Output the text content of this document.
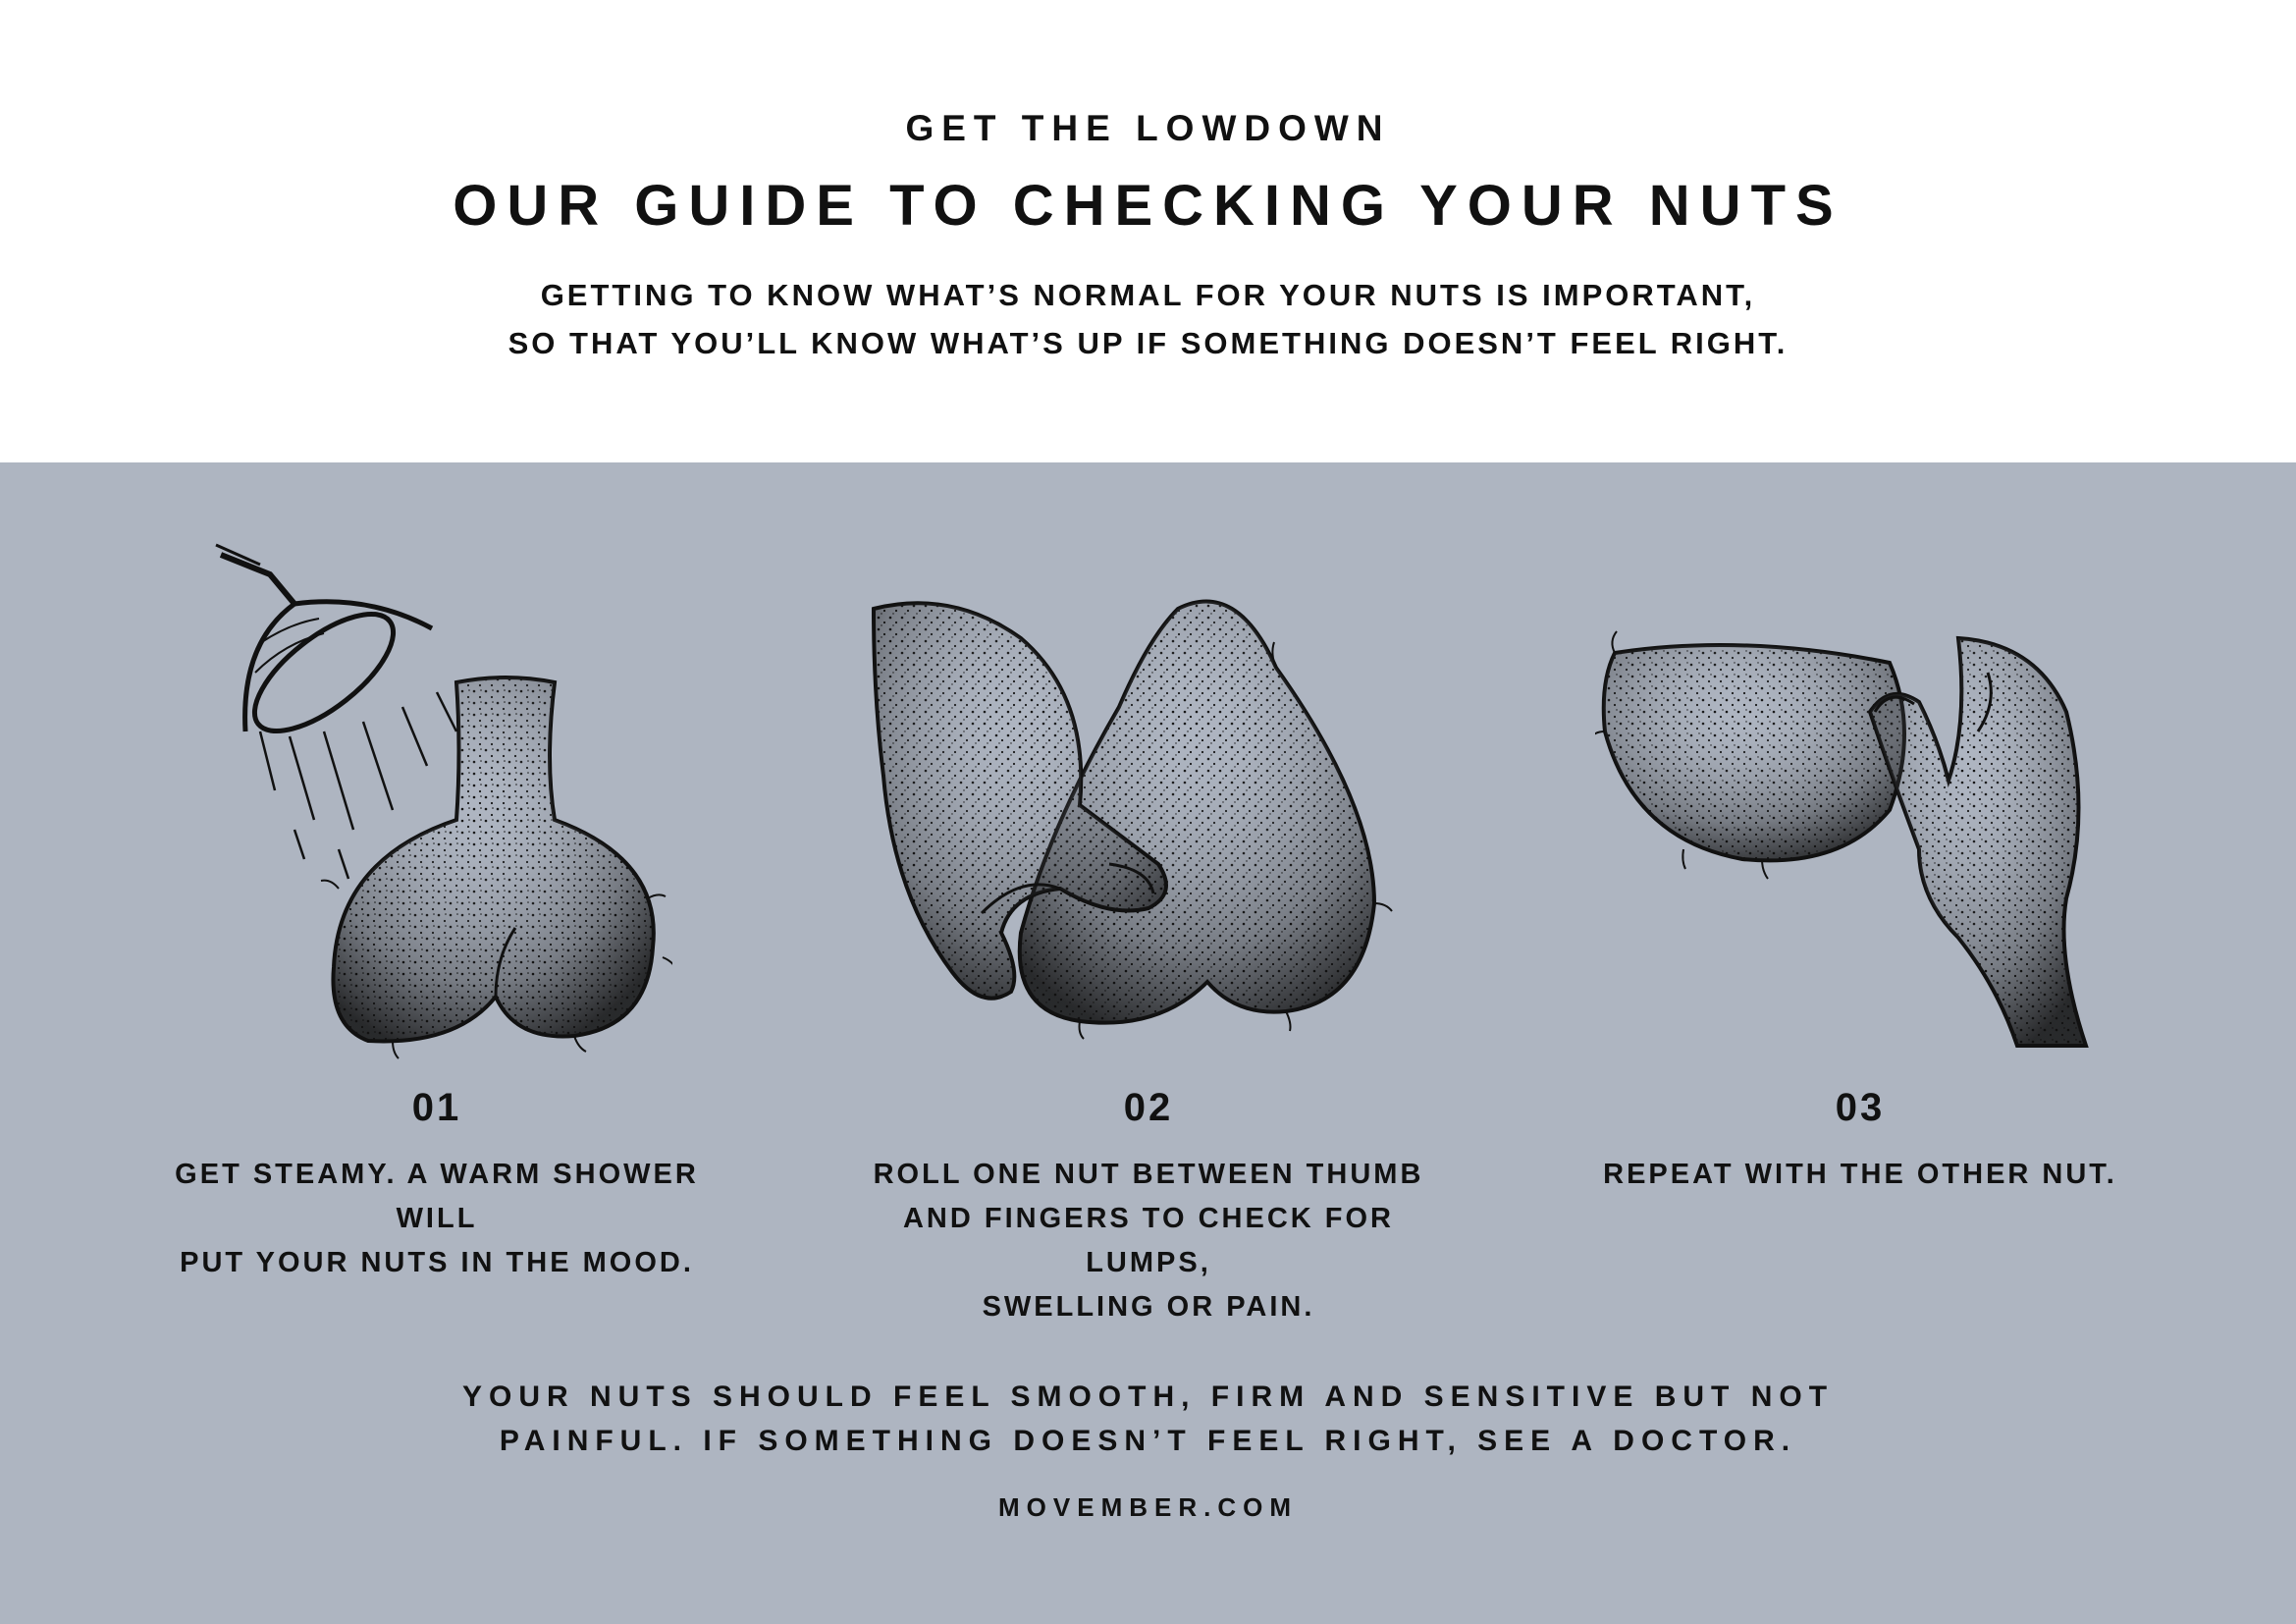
GET THE LOWDOWN

OUR GUIDE TO CHECKING YOUR NUTS

GETTING TO KNOW WHAT’S NORMAL FOR YOUR NUTS IS IMPORTANT,
SO THAT YOU’LL KNOW WHAT’S UP IF SOMETHING DOESN’T FEEL RIGHT.

01

GET STEAMY. A WARM SHOWER WILL
PUT YOUR NUTS IN THE MOOD.

02

ROLL ONE NUT BETWEEN THUMB
AND FINGERS TO CHECK FOR LUMPS,
SWELLING OR PAIN.

03

REPEAT WITH THE OTHER NUT.

YOUR NUTS SHOULD FEEL SMOOTH, FIRM AND SENSITIVE BUT NOT
PAINFUL. IF SOMETHING DOESN’T FEEL RIGHT, SEE A DOCTOR.

MOVEMBER.COM
